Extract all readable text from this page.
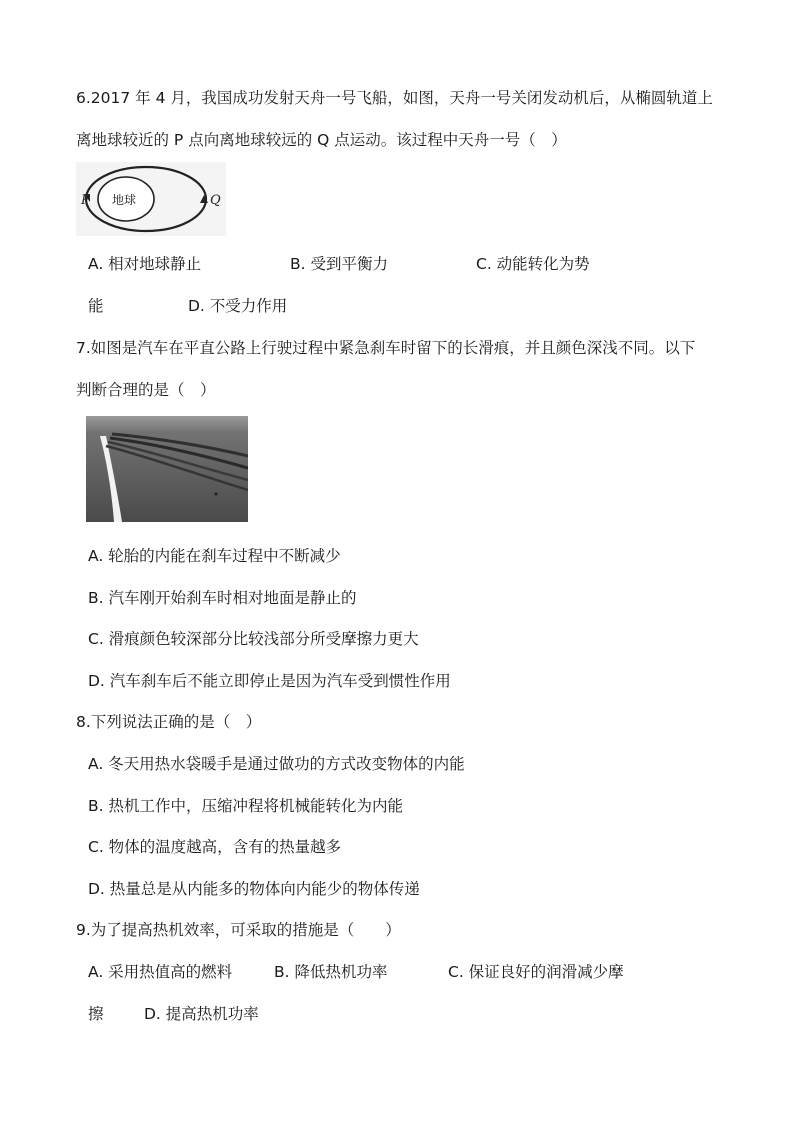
6.2017 年 4 月，我国成功发射天舟一号飞船，如图，天舟一号关闭发动机后，从椭圆轨道上
离地球较近的 P 点向离地球较远的 Q 点运动。该过程中天舟一号（　）
P 地球	Q
A. 相对地球静止	B. 受到平衡力	C. 动能转化为势
能	D. 不受力作用
7.如图是汽车在平直公路上行驶过程中紧急刹车时留下的长滑痕，并且颜色深浅不同。以下
判断合理的是（　）
A. 轮胎的内能在刹车过程中不断减少
B. 汽车刚开始刹车时相对地面是静止的
C. 滑痕颜色较深部分比较浅部分所受摩擦力更大
D. 汽车刹车后不能立即停止是因为汽车受到惯性作用
8.下列说法正确的是（　）
A. 冬天用热水袋暖手是通过做功的方式改变物体的内能
B. 热机工作中，压缩冲程将机械能转化为内能
C. 物体的温度越高，含有的热量越多
D. 热量总是从内能多的物体向内能少的物体传递
9.为了提高热机效率，可采取的措施是（　　）
A. 采用热值高的燃料	B. 降低热机功率	C. 保证良好的润滑减少摩
擦	D. 提高热机功率
